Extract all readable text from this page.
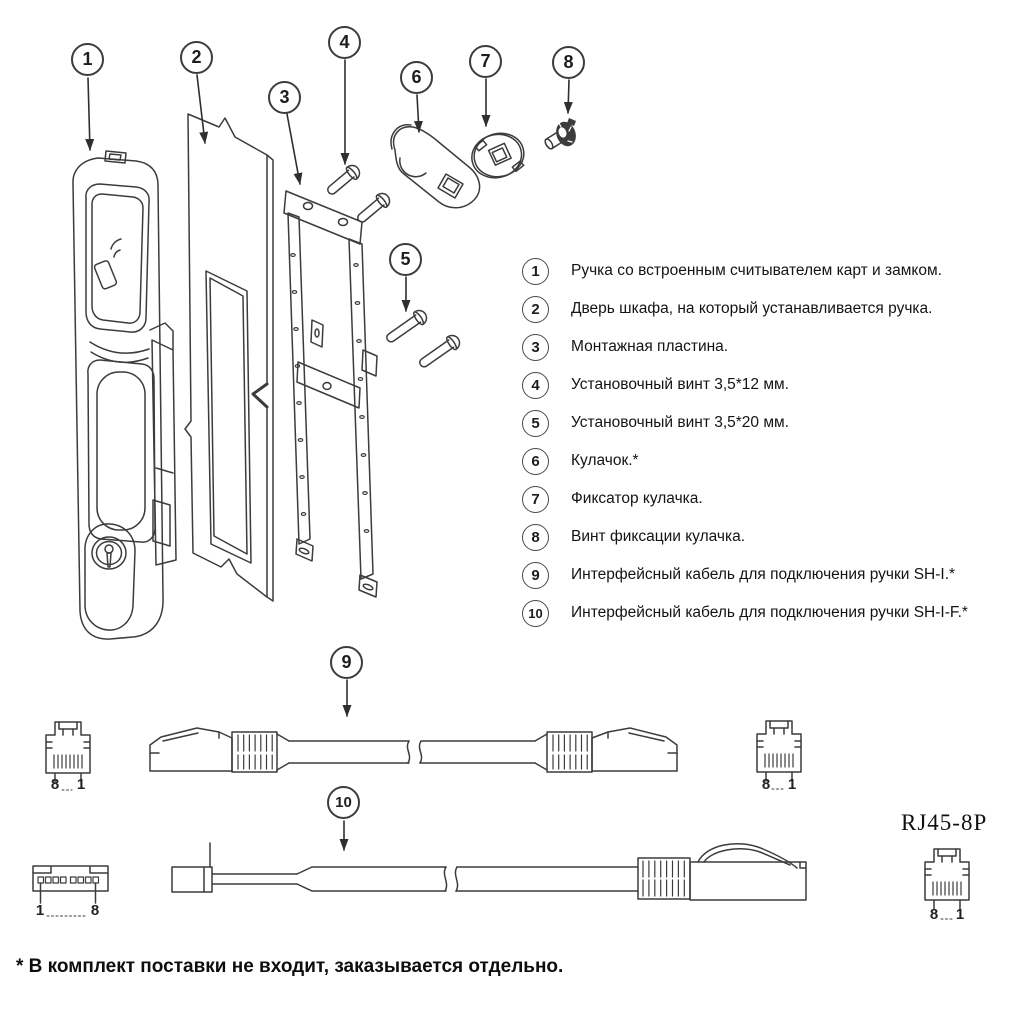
1	2
3
4
5
6
7	8
9
10
1	Ручка со встроенным считывателем карт и замком.
2	Дверь шкафа, на который устанавливается ручка.
3	Монтажная пластина.
4	Установочный винт 3,5*12 мм.
5	Установочный винт 3,5*20 мм.
6	Кулачок.*
7	Фиксатор кулачка.
8	Винт фиксации кулачка.
9	Интерфейсный кабель для подключения ручки SH-I.*
10	Интерфейсный кабель для подключения ручки SH-I-F.*
8 1	8 1
1	8	8 1
RJ45-8P
* В комплект поставки не входит, заказывается отдельно.
